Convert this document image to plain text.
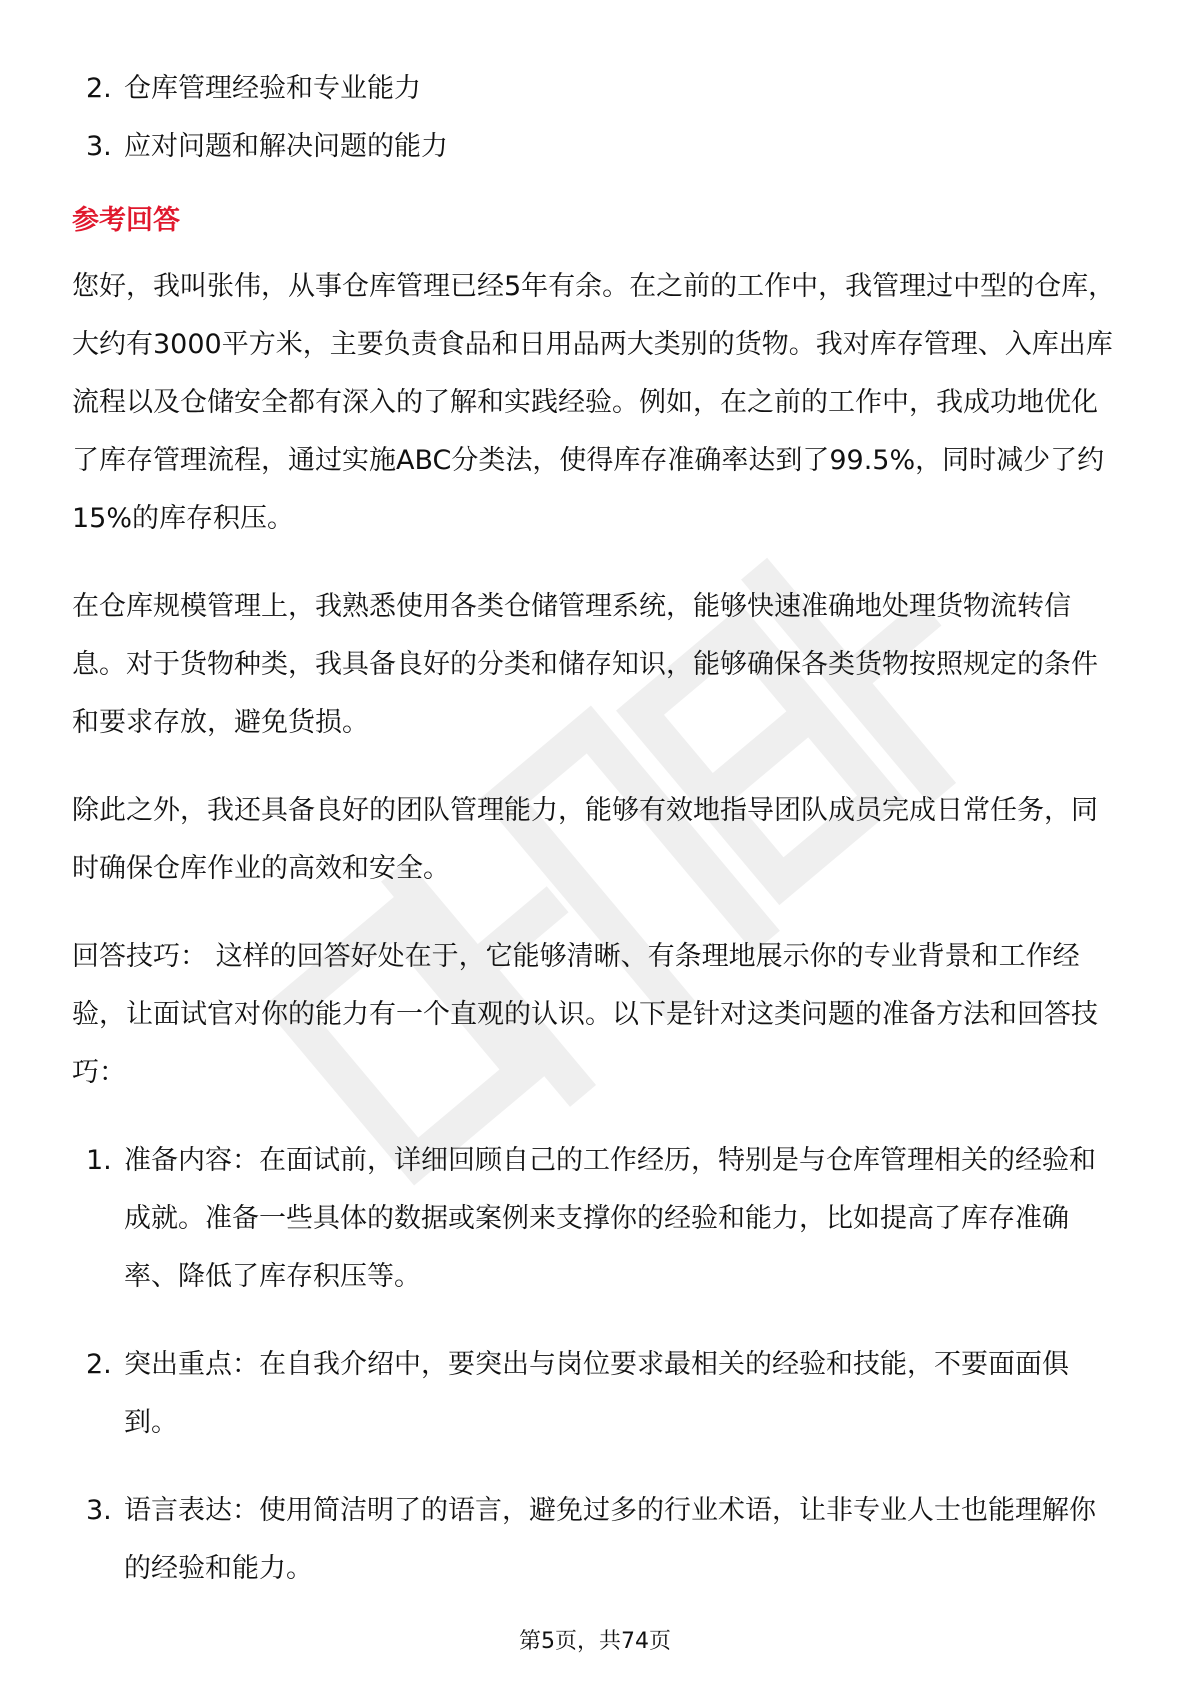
2. 仓库管理经验和专业能力
3. 应对问题和解决问题的能力
参考回答

您好，我叫张伟，从事仓库管理已经5年有余。在之前的工作中，我管理过中型的仓库，大约有3000平方米，主要负责食品和日用品两大类别的货物。我对库存管理、入库出库流程以及仓储安全都有深入的了解和实践经验。例如，在之前的工作中，我成功地优化了库存管理流程，通过实施ABC分类法，使得库存准确率达到了99.5%，同时减少了约15%的库存积压。

在仓库规模管理上，我熟悉使用各类仓储管理系统，能够快速准确地处理货物流转信息。对于货物种类，我具备良好的分类和储存知识，能够确保各类货物按照规定的条件和要求存放，避免货损。

除此之外，我还具备良好的团队管理能力，能够有效地指导团队成员完成日常任务，同时确保仓库作业的高效和安全。

回答技巧： 这样的回答好处在于，它能够清晰、有条理地展示你的专业背景和工作经验，让面试官对你的能力有一个直观的认识。以下是针对这类问题的准备方法和回答技巧：

1. 准备内容：在面试前，详细回顾自己的工作经历，特别是与仓库管理相关的经验和成就。准备一些具体的数据或案例来支撑你的经验和能力，比如提高了库存准确率、降低了库存积压等。
2. 突出重点：在自我介绍中，要突出与岗位要求最相关的经验和技能，不要面面俱到。
3. 语言表达：使用简洁明了的语言，避免过多的行业术语，让非专业人士也能理解你的经验和能力。
第5页，共74页
